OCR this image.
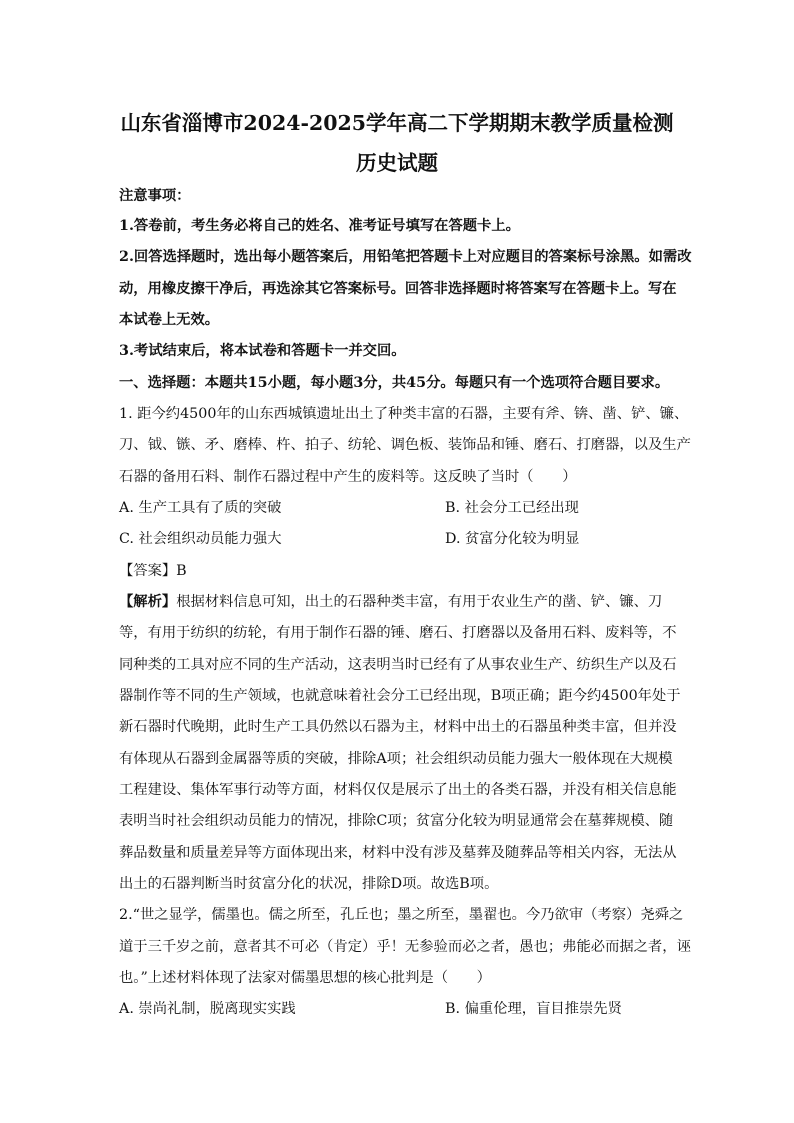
山东省淄博市2024-2025学年高二下学期期末教学质量检测
历史试题
注意事项：
1.答卷前，考生务必将自己的姓名、准考证号填写在答题卡上。
2.回答选择题时，选出每小题答案后，用铅笔把答题卡上对应题目的答案标号涂黑。如需改
动，用橡皮擦干净后，再选涂其它答案标号。回答非选择题时将答案写在答题卡上。写在
本试卷上无效。
3.考试结束后，将本试卷和答题卡一并交回。
一、选择题：本题共15小题，每小题3分，共45分。每题只有一个选项符合题目要求。
1. 距今约4500年的山东西城镇遗址出土了种类丰富的石器，主要有斧、锛、凿、铲、镰、
刀、钺、镞、矛、磨棒、杵、拍子、纺轮、调色板、装饰品和锤、磨石、打磨器，以及生产
石器的备用石料、制作石器过程中产生的废料等。这反映了当时（　　）
A. 生产工具有了质的突破	B. 社会分工已经出现
C. 社会组织动员能力强大	D. 贫富分化较为明显
【答案】B
【解析】根据材料信息可知，出土的石器种类丰富，有用于农业生产的凿、铲、镰、刀
等，有用于纺织的纺轮，有用于制作石器的锤、磨石、打磨器以及备用石料、废料等，不
同种类的工具对应不同的生产活动，这表明当时已经有了从事农业生产、纺织生产以及石
器制作等不同的生产领域，也就意味着社会分工已经出现，B项正确；距今约4500年处于
新石器时代晚期，此时生产工具仍然以石器为主，材料中出土的石器虽种类丰富，但并没
有体现从石器到金属器等质的突破，排除A项；社会组织动员能力强大一般体现在大规模
工程建设、集体军事行动等方面，材料仅仅是展示了出土的各类石器，并没有相关信息能
表明当时社会组织动员能力的情况，排除C项；贫富分化较为明显通常会在墓葬规模、随
葬品数量和质量差异等方面体现出来，材料中没有涉及墓葬及随葬品等相关内容，无法从
出土的石器判断当时贫富分化的状况，排除D项。故选B项。
2.“世之显学，儒墨也。儒之所至，孔丘也；墨之所至，墨翟也。今乃欲审（考察）尧舜之
道于三千岁之前，意者其不可必（肯定）乎！无参验而必之者，愚也；弗能必而据之者，诬
也。”上述材料体现了法家对儒墨思想的核心批判是（　　）
A. 崇尚礼制，脱离现实实践	B. 偏重伦理，盲目推崇先贤
